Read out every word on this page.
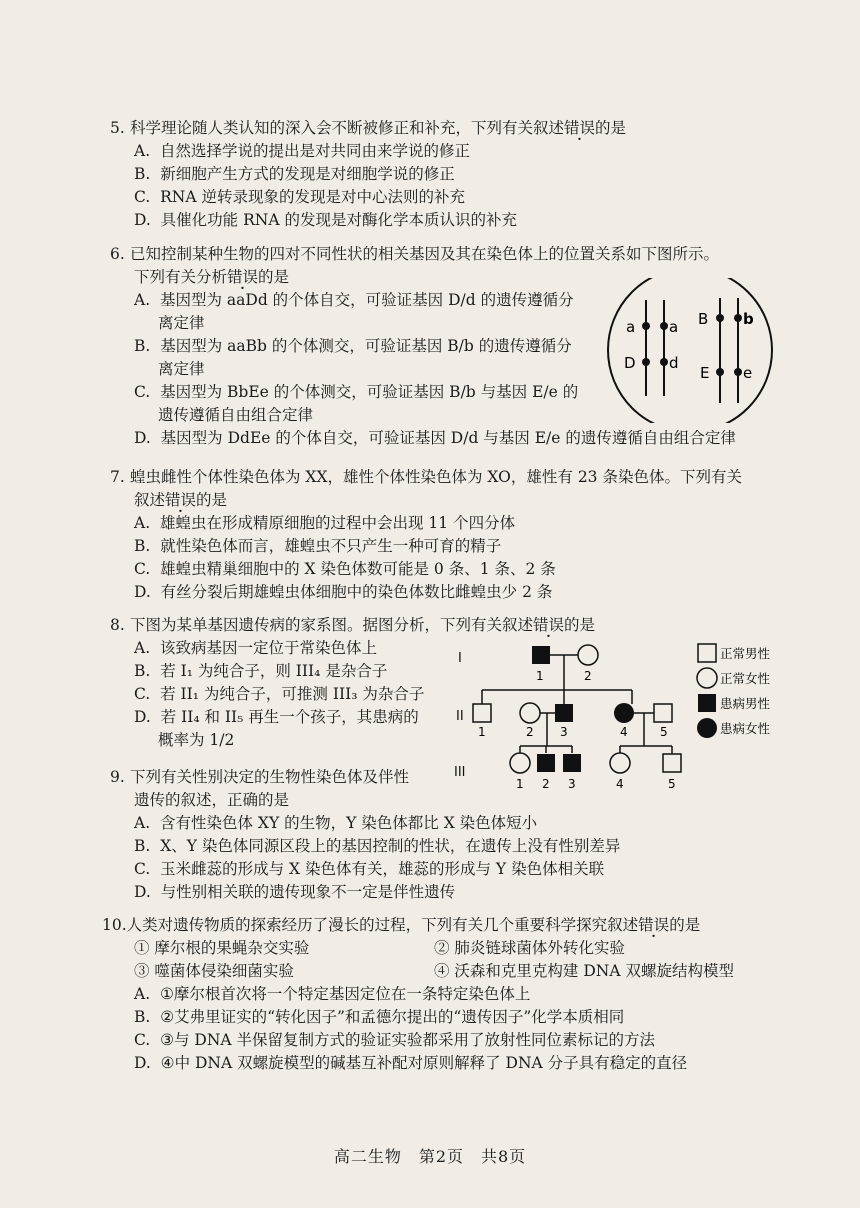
5. 科学理论随人类认知的深入会不断被修正和补充，下列有关叙述错误的是

A. 自然选择学说的提出是对共同由来学说的修正
B. 新细胞产生方式的发现是对细胞学说的修正
C. RNA 逆转录现象的发现是对中心法则的补充
D. 具催化功能 RNA 的发现是对酶化学本质认识的补充

6. 已知控制某种生物的四对不同性状的相关基因及其在染色体上的位置关系如下图所示。

下列有关分析错误的是

A. 基因型为 aaDd 的个体自交，可验证基因 D/d 的遗传遵循分
离定律
B. 基因型为 aaBb 的个体测交，可验证基因 B/b 的遗传遵循分
离定律
C. 基因型为 BbEe 的个体测交，可验证基因 B/b 与基因 E/e 的
遗传遵循自由组合定律
D. 基因型为 DdEe 的个体自交，可验证基因 D/d 与基因 E/e 的遗传遵循自由组合定律
a a
D d
B b
E e

7. 蝗虫雌性个体性染色体为 XX，雄性个体性染色体为 XO，雄性有 23 条染色体。下列有关

叙述错误的是

A. 雄蝗虫在形成精原细胞的过程中会出现 11 个四分体
B. 就性染色体而言，雄蝗虫不只产生一种可育的精子
C. 雄蝗虫精巢细胞中的 X 染色体数可能是 0 条、1 条、2 条
D. 有丝分裂后期雄蝗虫体细胞中的染色体数比雌蝗虫少 2 条

8. 下图为某单基因遗传病的家系图。据图分析，下列有关叙述错误的是

A. 该致病基因一定位于常染色体上
B. 若 I₁ 为纯合子，则 III₄ 是杂合子
C. 若 II₁ 为纯合子，可推测 III₃ 为杂合子
D. 若 II₄ 和 II₅ 再生一个孩子，其患病的
概率为 1/2
I
II
III
1	2
1	2 3	4	5
1 2 3	4	5
正常男性
正常女性
患病男性
患病女性

9. 下列有关性别决定的生物性染色体及伴性

遗传的叙述，正确的是

A. 含有性染色体 XY 的生物，Y 染色体都比 X 染色体短小
B. X、Y 染色体同源区段上的基因控制的性状，在遗传上没有性别差异
C. 玉米雌蕊的形成与 X 染色体有关，雄蕊的形成与 Y 染色体相关联
D. 与性别相关联的遗传现象不一定是伴性遗传

10.人类对遗传物质的探索经历了漫长的过程，下列有关几个重要科学探究叙述错误的是

① 摩尔根的果蝇杂交实验	② 肺炎链球菌体外转化实验
③ 噬菌体侵染细菌实验	④ 沃森和克里克构建 DNA 双螺旋结构模型
A. ①摩尔根首次将一个特定基因定位在一条特定染色体上
B. ②艾弗里证实的“转化因子”和孟德尔提出的“遗传因子”化学本质相同
C. ③与 DNA 半保留复制方式的验证实验都采用了放射性同位素标记的方法
D. ④中 DNA 双螺旋模型的碱基互补配对原则解释了 DNA 分子具有稳定的直径
高二生物　第2页　共8页
